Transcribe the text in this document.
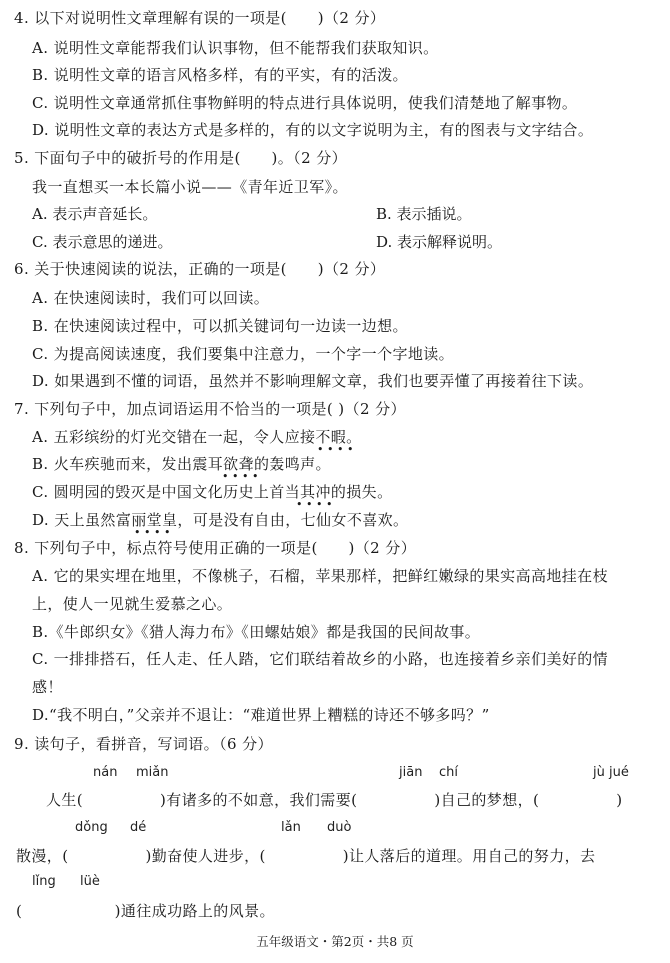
4. 以下对说明性文章理解有误的一项是(　　)（2 分）
A. 说明性文章能帮我们认识事物，但不能帮我们获取知识。
B. 说明性文章的语言风格多样，有的平实，有的活泼。
C. 说明性文章通常抓住事物鲜明的特点进行具体说明，使我们清楚地了解事物。
D. 说明性文章的表达方式是多样的，有的以文字说明为主，有的图表与文字结合。
5. 下面句子中的破折号的作用是(　　)。（2 分）
我一直想买一本长篇小说——《青年近卫军》。
A. 表示声音延长。	B. 表示插说。
C. 表示意思的递进。	D. 表示解释说明。
6. 关于快速阅读的说法，正确的一项是(　　)（2 分）
A. 在快速阅读时，我们可以回读。
B. 在快速阅读过程中，可以抓关键词句一边读一边想。
C. 为提高阅读速度，我们要集中注意力，一个字一个字地读。
D. 如果遇到不懂的词语，虽然并不影响理解文章，我们也要弄懂了再接着往下读。
7. 下列句子中，加点词语运用不恰当的一项是( )（2 分）
A. 五彩缤纷的灯光交错在一起，令人应接不暇。
• • • •
B. 火车疾驰而来，发出震耳欲聋的轰鸣声。
• • • •
C. 圆明园的毁灭是中国文化历史上首当其冲的损失。
• • • •
D. 天上虽然富丽堂皇，可是没有自由，七仙女不喜欢。
• • • •
8. 下列句子中，标点符号使用正确的一项是(　　)（2 分）
A. 它的果实埋在地里，不像桃子，石榴，苹果那样，把鲜红嫩绿的果实高高地挂在枝
上，使人一见就生爱慕之心。
B.《牛郎织女》《猎人海力布》《田螺姑娘》都是我国的民间故事。
C. 一排排搭石，任人走、任人踏，它们联结着故乡的小路，也连接着乡亲们美好的情
感！
D.“我不明白，”父亲并不退让：“难道世界上糟糕的诗还不够多吗？”
9. 读句子，看拼音，写词语。（6 分）
nán miǎn	jiān chí	jù jué
人生(　　　　　)有诸多的不如意，我们需要(　　　　　)自己的梦想，(　　　　　)
dǒng dé	lǎn duò
散漫，(　　　　　)勤奋使人进步，(　　　　　)让人落后的道理。用自己的努力，去
lǐng lüè
(　　　　　　)通往成功路上的风景。
五年级语文・第2页・共8 页
